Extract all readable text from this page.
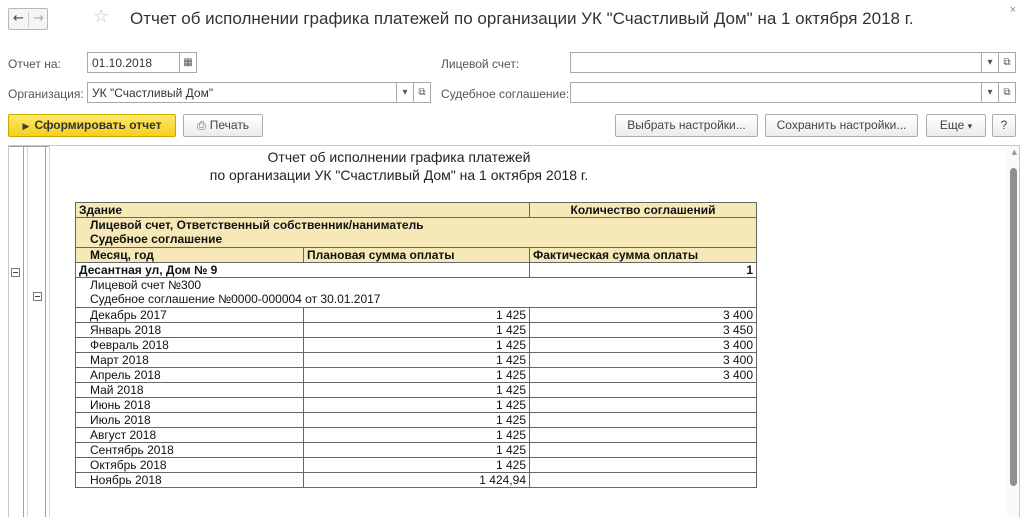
← →	☆ Отчет об исполнении графика платежей по организации УК "Счастливый Дом" на 1 октября 2018 г.	×
Отчет на:	01.10.2018	▦	Лицевой счет:	▾	⧉
Организация: УК "Счастливый Дом"	▾	⧉	Судебное соглашение:	▾	⧉
▶ Сформировать отчет	⎙ Печать	Выбрать настройки...	Сохранить настройки...	Еще ▾	?
Отчет об исполнении графика платежей
по организации УК "Счастливый Дом" на 1 октября 2018 г.
Здание		Количество соглашений
Лицевой счет, Ответственный собственник/наниматель		
Судебное соглашение		
Месяц, год	Плановая сумма оплаты	Фактическая сумма оплаты
Десантная ул, Дом № 9		1
Лицевой счет №300		
Судебное соглашение №0000-000004 от 30.01.2017		
Декабрь 2017	1 425	3 400
Январь 2018	1 425	3 450
Февраль 2018	1 425	3 400
Март 2018	1 425	3 400
Апрель 2018	1 425	3 400
Май 2018	1 425	
Июнь 2018	1 425	
Июль 2018	1 425	
Август 2018	1 425	
Сентябрь 2018	1 425	
Октябрь 2018	1 425	
Ноябрь 2018	1 424,94	
▲
